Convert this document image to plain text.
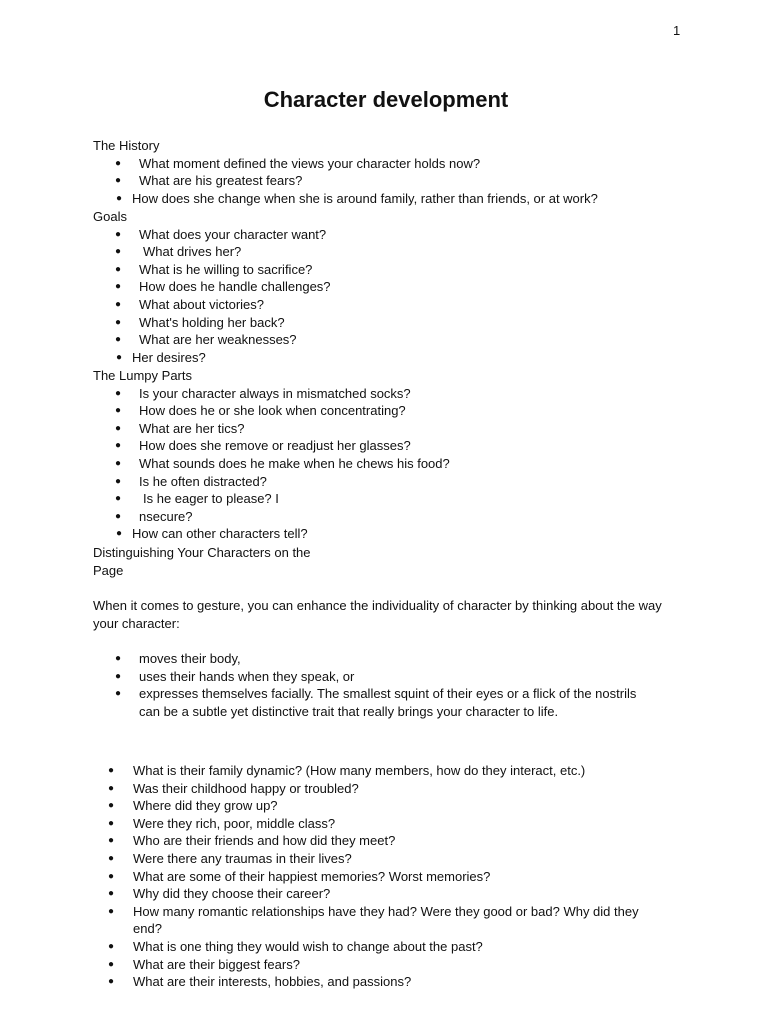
1
Character development
The History
● What moment defined the views your character holds now?
● What are his greatest fears?
● How does she change when she is around family, rather than friends, or at work?
Goals
● What does your character want?
● What drives her?
● What is he willing to sacrifice?
● How does he handle challenges?
● What about victories?
● What's holding her back?
● What are her weaknesses?
● Her desires?
The Lumpy Parts
● Is your character always in mismatched socks?
● How does he or she look when concentrating?
● What are her tics?
● How does she remove or readjust her glasses?
● What sounds does he make when he chews his food?
● Is he often distracted?
● Is he eager to please? I
● nsecure?
● How can other characters tell?
Distinguishing Your Characters on the
Page
When it comes to gesture, you can enhance the individuality of character by thinking about the way your character:
● moves their body,
● uses their hands when they speak, or
● expresses themselves facially. The smallest squint of their eyes or a flick of the nostrils can be a subtle yet distinctive trait that really brings your character to life.
● What is their family dynamic? (How many members, how do they interact, etc.)
● Was their childhood happy or troubled?
● Where did they grow up?
● Were they rich, poor, middle class?
● Who are their friends and how did they meet?
● Were there any traumas in their lives?
● What are some of their happiest memories? Worst memories?
● Why did they choose their career?
● How many romantic relationships have they had? Were they good or bad? Why did they end?
● What is one thing they would wish to change about the past?
● What are their biggest fears?
● What are their interests, hobbies, and passions?
